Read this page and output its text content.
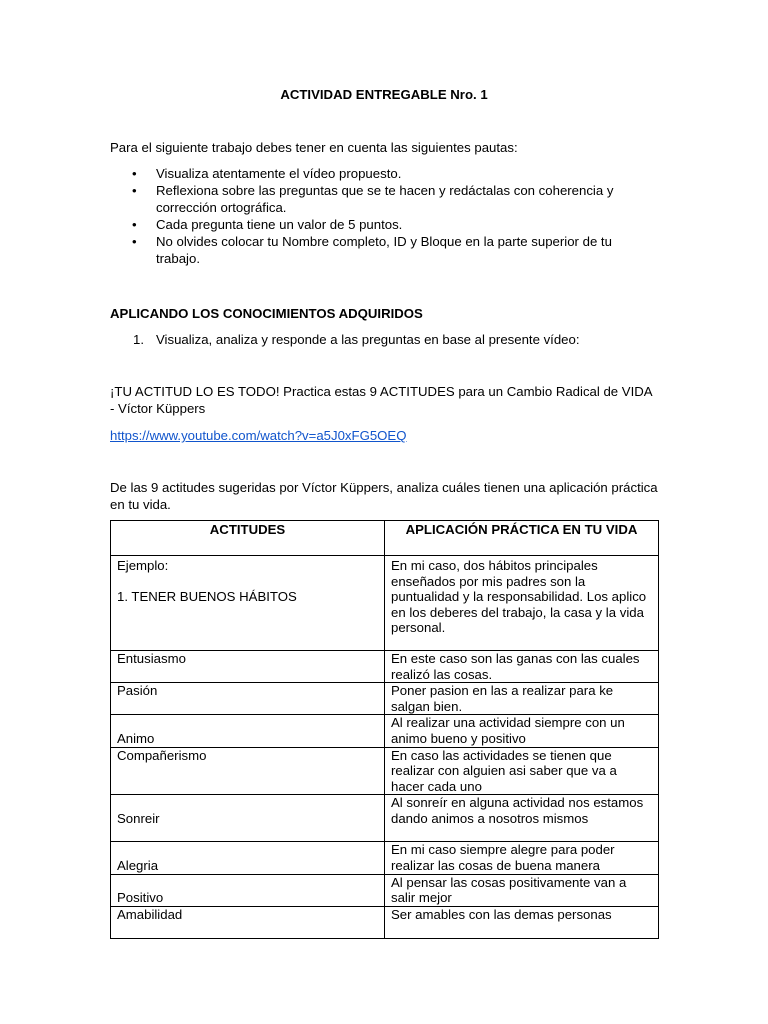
ACTIVIDAD ENTREGABLE Nro. 1
Para el siguiente trabajo debes tener en cuenta las siguientes pautas:
• Visualiza atentamente el vídeo propuesto.
• Reflexiona sobre las preguntas que se te hacen y redáctalas con coherencia y corrección ortográfica.
• Cada pregunta tiene un valor de 5 puntos.
• No olvides colocar tu Nombre completo, ID y Bloque en la parte superior de tu trabajo.
APLICANDO LOS CONOCIMIENTOS ADQUIRIDOS
1. Visualiza, analiza y responde a las preguntas en base al presente vídeo:
¡TU ACTITUD LO ES TODO! Practica estas 9 ACTITUDES para un Cambio Radical de VIDA - Víctor Küppers
https://www.youtube.com/watch?v=a5J0xFG5OEQ
De las 9 actitudes sugeridas por Víctor Küppers, analiza cuáles tienen una aplicación práctica en tu vida.
ACTITUDES	APLICACIÓN PRÁCTICA EN TU VIDA

Ejemplo:
1. TENER BUENOS HÁBITOS	En mi caso, dos hábitos principales enseñados por mis padres son la puntualidad y la responsabilidad. Los aplico en los deberes del trabajo, la casa y la vida personal.
Entusiasmo	En este caso son las ganas con las cuales realizó las cosas.
Pasión	Poner pasion en las a realizar para ke salgan bien.
Animo	Al realizar una actividad siempre con un animo bueno y positivo
Compañerismo	En caso las actividades se tienen que realizar con alguien asi saber que va a hacer cada uno
Sonreir	Al sonreír en alguna actividad nos estamos dando animos a nosotros mismos
Alegria	En mi caso siempre alegre para poder realizar las cosas de buena manera
Positivo	Al pensar las cosas positivamente van a salir mejor
Amabilidad	Ser amables con las demas personas
